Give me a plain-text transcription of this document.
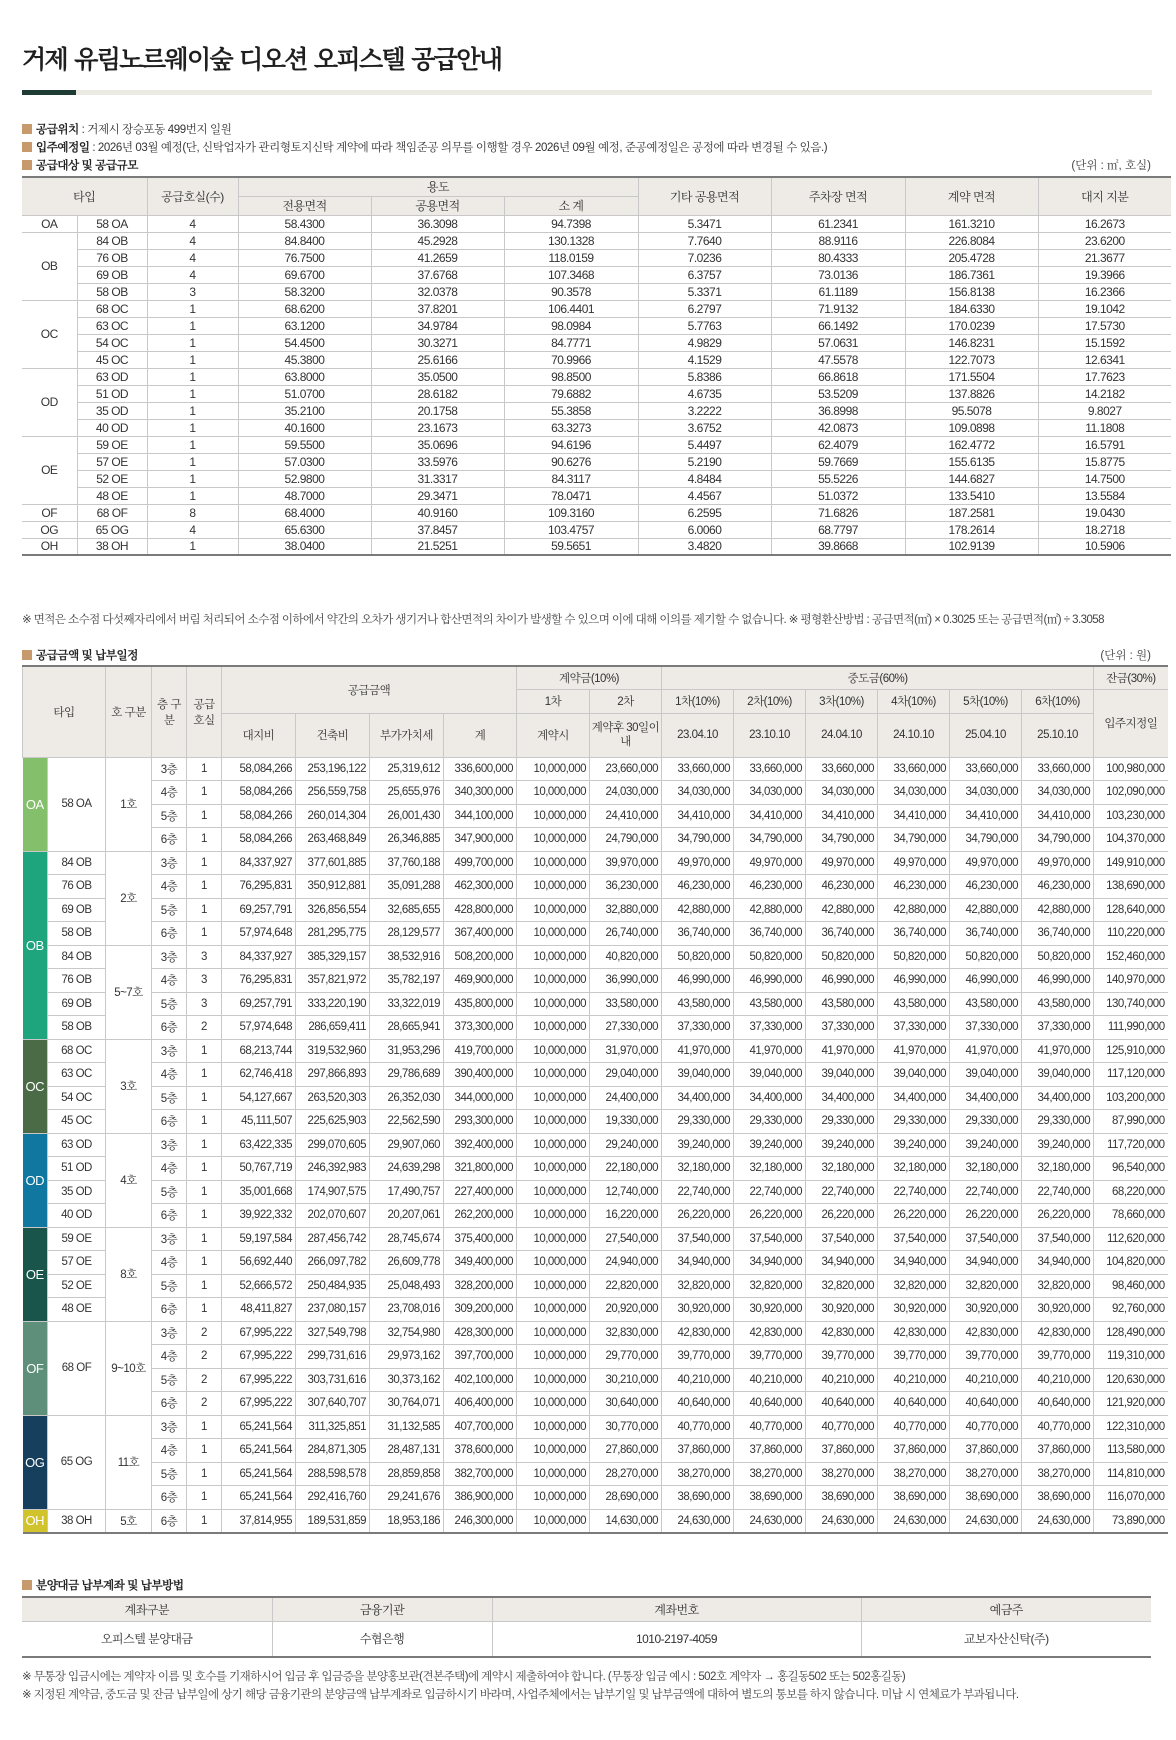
거제 유림노르웨이숲 디오션 오피스텔 공급안내
공급위치 : 거제시 장승포동 499번지 일원
입주예정일 : 2026년 03월 예정(단, 신탁업자가 관리형토지신탁 계약에 따라 책임준공 의무를 이행할 경우 2026년 09월 예정, 준공예정일은 공정에 따라 변경될 수 있음.)
공급대상 및 공급규모	(단위 : ㎡, 호실)
타입		공급호실(수)	용도			기타 공용면적	주차장 면적	계약 면적	대지 지분
			전용면적	공용면적	소 계				
OA	58 OA	4	58.4300	36.3098	94.7398	5.3471	61.2341	161.3210	16.2673
OB	84 OB	4	84.8400	45.2928	130.1328	7.7640	88.9116	226.8084	23.6200
	76 OB	4	76.7500	41.2659	118.0159	7.0236	80.4333	205.4728	21.3677
	69 OB	4	69.6700	37.6768	107.3468	6.3757	73.0136	186.7361	19.3966
	58 OB	3	58.3200	32.0378	90.3578	5.3371	61.1189	156.8138	16.2366
OC	68 OC	1	68.6200	37.8201	106.4401	6.2797	71.9132	184.6330	19.1042
	63 OC	1	63.1200	34.9784	98.0984	5.7763	66.1492	170.0239	17.5730
	54 OC	1	54.4500	30.3271	84.7771	4.9829	57.0631	146.8231	15.1592
	45 OC	1	45.3800	25.6166	70.9966	4.1529	47.5578	122.7073	12.6341
OD	63 OD	1	63.8000	35.0500	98.8500	5.8386	66.8618	171.5504	17.7623
	51 OD	1	51.0700	28.6182	79.6882	4.6735	53.5209	137.8826	14.2182
	35 OD	1	35.2100	20.1758	55.3858	3.2222	36.8998	95.5078	9.8027
	40 OD	1	40.1600	23.1673	63.3273	3.6752	42.0873	109.0898	11.1808
OE	59 OE	1	59.5500	35.0696	94.6196	5.4497	62.4079	162.4772	16.5791
	57 OE	1	57.0300	33.5976	90.6276	5.2190	59.7669	155.6135	15.8775
	52 OE	1	52.9800	31.3317	84.3117	4.8484	55.5226	144.6827	14.7500
	48 OE	1	48.7000	29.3471	78.0471	4.4567	51.0372	133.5410	13.5584
OF	68 OF	8	68.4000	40.9160	109.3160	6.2595	71.6826	187.2581	19.0430
OG	65 OG	4	65.6300	37.8457	103.4757	6.0060	68.7797	178.2614	18.2718
OH	38 OH	1	38.0400	21.5251	59.5651	3.4820	39.8668	102.9139	10.5906
※ 면적은 소수점 다섯째자리에서 버림 처리되어 소수점 이하에서 약간의 오차가 생기거나 합산면적의 차이가 발생할 수 있으며 이에 대해 이의를 제기할 수 없습니다. ※ 평형환산방법 : 공급면적(㎡) × 0.3025 또는 공급면적(㎡) ÷ 3.3058
공급금액 및 납부일정	(단위 : 원)
타입		호 구분	층 구분	공급 호실	공급금액				계약금(10%)		중도금(60%)						잔금(30%)
									1차	2차	1차(10%)	2차(10%)	3차(10%)	4차(10%)	5차(10%)	6차(10%)	입주지정일
					대지비	건축비	부가가치세	계	계약시	계약후 30일이내	23.04.10	23.10.10	24.04.10	24.10.10	25.04.10	25.10.10	
OA	58 OA	1호	3층	1	58,084,266	253,196,122	25,319,612	336,600,000	10,000,000	23,660,000	33,660,000	33,660,000	33,660,000	33,660,000	33,660,000	33,660,000	100,980,000
			4층	1	58,084,266	256,559,758	25,655,976	340,300,000	10,000,000	24,030,000	34,030,000	34,030,000	34,030,000	34,030,000	34,030,000	34,030,000	102,090,000
			5층	1	58,084,266	260,014,304	26,001,430	344,100,000	10,000,000	24,410,000	34,410,000	34,410,000	34,410,000	34,410,000	34,410,000	34,410,000	103,230,000
			6층	1	58,084,266	263,468,849	26,346,885	347,900,000	10,000,000	24,790,000	34,790,000	34,790,000	34,790,000	34,790,000	34,790,000	34,790,000	104,370,000
OB	84 OB	2호	3층	1	84,337,927	377,601,885	37,760,188	499,700,000	10,000,000	39,970,000	49,970,000	49,970,000	49,970,000	49,970,000	49,970,000	49,970,000	149,910,000
	76 OB		4층	1	76,295,831	350,912,881	35,091,288	462,300,000	10,000,000	36,230,000	46,230,000	46,230,000	46,230,000	46,230,000	46,230,000	46,230,000	138,690,000
	69 OB		5층	1	69,257,791	326,856,554	32,685,655	428,800,000	10,000,000	32,880,000	42,880,000	42,880,000	42,880,000	42,880,000	42,880,000	42,880,000	128,640,000
	58 OB		6층	1	57,974,648	281,295,775	28,129,577	367,400,000	10,000,000	26,740,000	36,740,000	36,740,000	36,740,000	36,740,000	36,740,000	36,740,000	110,220,000
	84 OB	5~7호	3층	3	84,337,927	385,329,157	38,532,916	508,200,000	10,000,000	40,820,000	50,820,000	50,820,000	50,820,000	50,820,000	50,820,000	50,820,000	152,460,000
	76 OB		4층	3	76,295,831	357,821,972	35,782,197	469,900,000	10,000,000	36,990,000	46,990,000	46,990,000	46,990,000	46,990,000	46,990,000	46,990,000	140,970,000
	69 OB		5층	3	69,257,791	333,220,190	33,322,019	435,800,000	10,000,000	33,580,000	43,580,000	43,580,000	43,580,000	43,580,000	43,580,000	43,580,000	130,740,000
	58 OB		6층	2	57,974,648	286,659,411	28,665,941	373,300,000	10,000,000	27,330,000	37,330,000	37,330,000	37,330,000	37,330,000	37,330,000	37,330,000	111,990,000
OC	68 OC	3호	3층	1	68,213,744	319,532,960	31,953,296	419,700,000	10,000,000	31,970,000	41,970,000	41,970,000	41,970,000	41,970,000	41,970,000	41,970,000	125,910,000
	63 OC		4층	1	62,746,418	297,866,893	29,786,689	390,400,000	10,000,000	29,040,000	39,040,000	39,040,000	39,040,000	39,040,000	39,040,000	39,040,000	117,120,000
	54 OC		5층	1	54,127,667	263,520,303	26,352,030	344,000,000	10,000,000	24,400,000	34,400,000	34,400,000	34,400,000	34,400,000	34,400,000	34,400,000	103,200,000
	45 OC		6층	1	45,111,507	225,625,903	22,562,590	293,300,000	10,000,000	19,330,000	29,330,000	29,330,000	29,330,000	29,330,000	29,330,000	29,330,000	87,990,000
OD	63 OD	4호	3층	1	63,422,335	299,070,605	29,907,060	392,400,000	10,000,000	29,240,000	39,240,000	39,240,000	39,240,000	39,240,000	39,240,000	39,240,000	117,720,000
	51 OD		4층	1	50,767,719	246,392,983	24,639,298	321,800,000	10,000,000	22,180,000	32,180,000	32,180,000	32,180,000	32,180,000	32,180,000	32,180,000	96,540,000
	35 OD		5층	1	35,001,668	174,907,575	17,490,757	227,400,000	10,000,000	12,740,000	22,740,000	22,740,000	22,740,000	22,740,000	22,740,000	22,740,000	68,220,000
	40 OD		6층	1	39,922,332	202,070,607	20,207,061	262,200,000	10,000,000	16,220,000	26,220,000	26,220,000	26,220,000	26,220,000	26,220,000	26,220,000	78,660,000
OE	59 OE	8호	3층	1	59,197,584	287,456,742	28,745,674	375,400,000	10,000,000	27,540,000	37,540,000	37,540,000	37,540,000	37,540,000	37,540,000	37,540,000	112,620,000
	57 OE		4층	1	56,692,440	266,097,782	26,609,778	349,400,000	10,000,000	24,940,000	34,940,000	34,940,000	34,940,000	34,940,000	34,940,000	34,940,000	104,820,000
	52 OE		5층	1	52,666,572	250,484,935	25,048,493	328,200,000	10,000,000	22,820,000	32,820,000	32,820,000	32,820,000	32,820,000	32,820,000	32,820,000	98,460,000
	48 OE		6층	1	48,411,827	237,080,157	23,708,016	309,200,000	10,000,000	20,920,000	30,920,000	30,920,000	30,920,000	30,920,000	30,920,000	30,920,000	92,760,000
OF	68 OF	9~10호	3층	2	67,995,222	327,549,798	32,754,980	428,300,000	10,000,000	32,830,000	42,830,000	42,830,000	42,830,000	42,830,000	42,830,000	42,830,000	128,490,000
			4층	2	67,995,222	299,731,616	29,973,162	397,700,000	10,000,000	29,770,000	39,770,000	39,770,000	39,770,000	39,770,000	39,770,000	39,770,000	119,310,000
			5층	2	67,995,222	303,731,616	30,373,162	402,100,000	10,000,000	30,210,000	40,210,000	40,210,000	40,210,000	40,210,000	40,210,000	40,210,000	120,630,000
			6층	2	67,995,222	307,640,707	30,764,071	406,400,000	10,000,000	30,640,000	40,640,000	40,640,000	40,640,000	40,640,000	40,640,000	40,640,000	121,920,000
OG	65 OG	11호	3층	1	65,241,564	311,325,851	31,132,585	407,700,000	10,000,000	30,770,000	40,770,000	40,770,000	40,770,000	40,770,000	40,770,000	40,770,000	122,310,000
			4층	1	65,241,564	284,871,305	28,487,131	378,600,000	10,000,000	27,860,000	37,860,000	37,860,000	37,860,000	37,860,000	37,860,000	37,860,000	113,580,000
			5층	1	65,241,564	288,598,578	28,859,858	382,700,000	10,000,000	28,270,000	38,270,000	38,270,000	38,270,000	38,270,000	38,270,000	38,270,000	114,810,000
			6층	1	65,241,564	292,416,760	29,241,676	386,900,000	10,000,000	28,690,000	38,690,000	38,690,000	38,690,000	38,690,000	38,690,000	38,690,000	116,070,000
OH	38 OH	5호	6층	1	37,814,955	189,531,859	18,953,186	246,300,000	10,000,000	14,630,000	24,630,000	24,630,000	24,630,000	24,630,000	24,630,000	24,630,000	73,890,000
분양대금 납부계좌 및 납부방법
계좌구분	금융기관	계좌번호	예금주
오피스텔 분양대금	수협은행	1010-2197-4059	교보자산신탁(주)
※ 무통장 입금시에는 계약자 이름 및 호수를 기재하시어 입금 후 입금증을 분양홍보관(견본주택)에 계약시 제출하여야 합니다. (무통장 입금 예시 : 502호 계약자 → 홍길동502 또는 502홍길동)
※ 지정된 계약금, 중도금 및 잔금 납부일에 상기 해당 금융기관의 분양금액 납부계좌로 입금하시기 바라며, 사업주체에서는 납부기일 및 납부금액에 대하여 별도의 통보를 하지 않습니다. 미납 시 연체료가 부과됩니다.
